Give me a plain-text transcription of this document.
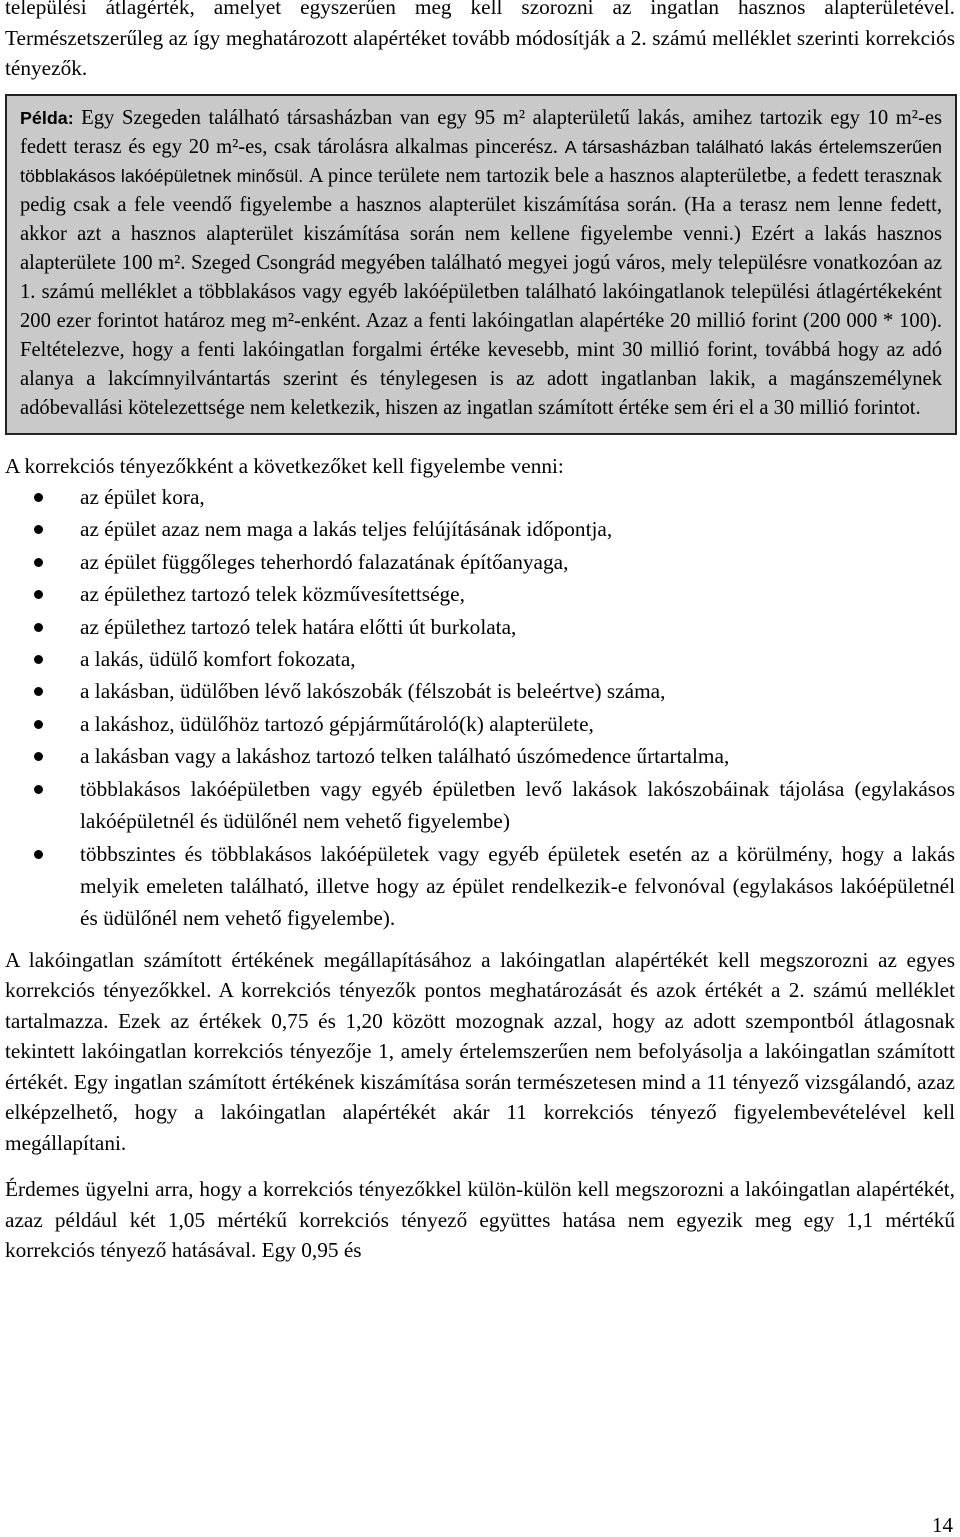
települési átlagérték, amelyet egyszerűen meg kell szorozni az ingatlan hasznos alapterületével. Természetszerűleg az így meghatározott alapértéket tovább módosítják a 2. számú melléklet szerinti korrekciós tényezők.

Példa: Egy Szegeden található társasházban van egy 95 m² alapterületű lakás, amihez tartozik egy 10 m²-es fedett terasz és egy 20 m²-es, csak tárolásra alkalmas pincerész. A társasházban található lakás értelemszerűen többlakásos lakóépületnek minősül. A pince területe nem tartozik bele a hasznos alapterületbe, a fedett terasznak pedig csak a fele veendő figyelembe a hasznos alapterület kiszámítása során. (Ha a terasz nem lenne fedett, akkor azt a hasznos alapterület kiszámítása során nem kellene figyelembe venni.) Ezért a lakás hasznos alapterülete 100 m². Szeged Csongrád megyében található megyei jogú város, mely településre vonatkozóan az 1. számú melléklet a többlakásos vagy egyéb lakóépületben található lakóingatlanok települési átlagértékeként 200 ezer forintot határoz meg m²-enként. Azaz a fenti lakóingatlan alapértéke 20 millió forint (200 000 * 100). Feltételezve, hogy a fenti lakóingatlan forgalmi értéke kevesebb, mint 30 millió forint, továbbá hogy az adó alanya a lakcímnyilvántartás szerint és ténylegesen is az adott ingatlanban lakik, a magánszemélynek adóbevallási kötelezettsége nem keletkezik, hiszen az ingatlan számított értéke sem éri el a 30 millió forintot.

A korrekciós tényezőkként a következőket kell figyelembe venni:

az épület kora,
az épület azaz nem maga a lakás teljes felújításának időpontja,
az épület függőleges teherhordó falazatának építőanyaga,
az épülethez tartozó telek közművesítettsége,
az épülethez tartozó telek határa előtti út burkolata,
a lakás, üdülő komfort fokozata,
a lakásban, üdülőben lévő lakószobák (félszobát is beleértve) száma,
a lakáshoz, üdülőhöz tartozó gépjárműtároló(k) alapterülete,
a lakásban vagy a lakáshoz tartozó telken található úszómedence űrtartalma,
többlakásos lakóépületben vagy egyéb épületben levő lakások lakószobáinak tájolása (egylakásos lakóépületnél és üdülőnél nem vehető figyelembe)
többszintes és többlakásos lakóépületek vagy egyéb épületek esetén az a körülmény, hogy a lakás melyik emeleten található, illetve hogy az épület rendelkezik-e felvonóval (egylakásos lakóépületnél és üdülőnél nem vehető figyelembe).

A lakóingatlan számított értékének megállapításához a lakóingatlan alapértékét kell megszorozni az egyes korrekciós tényezőkkel. A korrekciós tényezők pontos meghatározását és azok értékét a 2. számú melléklet tartalmazza. Ezek az értékek 0,75 és 1,20 között mozognak azzal, hogy az adott szempontból átlagosnak tekintett lakóingatlan korrekciós tényezője 1, amely értelemszerűen nem befolyásolja a lakóingatlan számított értékét. Egy ingatlan számított értékének kiszámítása során természetesen mind a 11 tényező vizsgálandó, azaz elképzelhető, hogy a lakóingatlan alapértékét akár 11 korrekciós tényező figyelembevételével kell megállapítani.

Érdemes ügyelni arra, hogy a korrekciós tényezőkkel külön-külön kell megszorozni a lakóingatlan alapértékét, azaz például két 1,05 mértékű korrekciós tényező együttes hatása nem egyezik meg egy 1,1 mértékű korrekciós tényező hatásával. Egy 0,95 és

14
